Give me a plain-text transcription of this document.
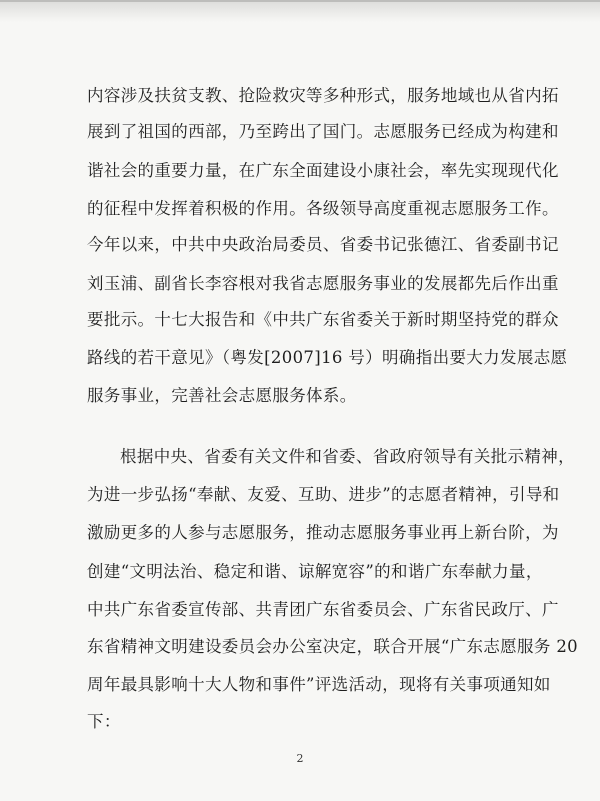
内容涉及扶贫支教、抢险救灾等多种形式，服务地域也从省内拓
展到了祖国的西部，乃至跨出了国门。志愿服务已经成为构建和
谐社会的重要力量，在广东全面建设小康社会，率先实现现代化
的征程中发挥着积极的作用。各级领导高度重视志愿服务工作。
今年以来，中共中央政治局委员、省委书记张德江、省委副书记
刘玉浦、副省长李容根对我省志愿服务事业的发展都先后作出重
要批示。十七大报告和《中共广东省委关于新时期坚持党的群众
路线的若干意见》（粤发[2007]16 号）明确指出要大力发展志愿
服务事业，完善社会志愿服务体系。
根据中央、省委有关文件和省委、省政府领导有关批示精神，
为进一步弘扬“奉献、友爱、互助、进步”的志愿者精神，引导和
激励更多的人参与志愿服务，推动志愿服务事业再上新台阶，为
创建“文明法治、稳定和谐、谅解宽容”的和谐广东奉献力量，
中共广东省委宣传部、共青团广东省委员会、广东省民政厅、广
东省精神文明建设委员会办公室决定，联合开展“广东志愿服务 20
周年最具影响十大人物和事件”评选活动，现将有关事项通知如
下：
2
